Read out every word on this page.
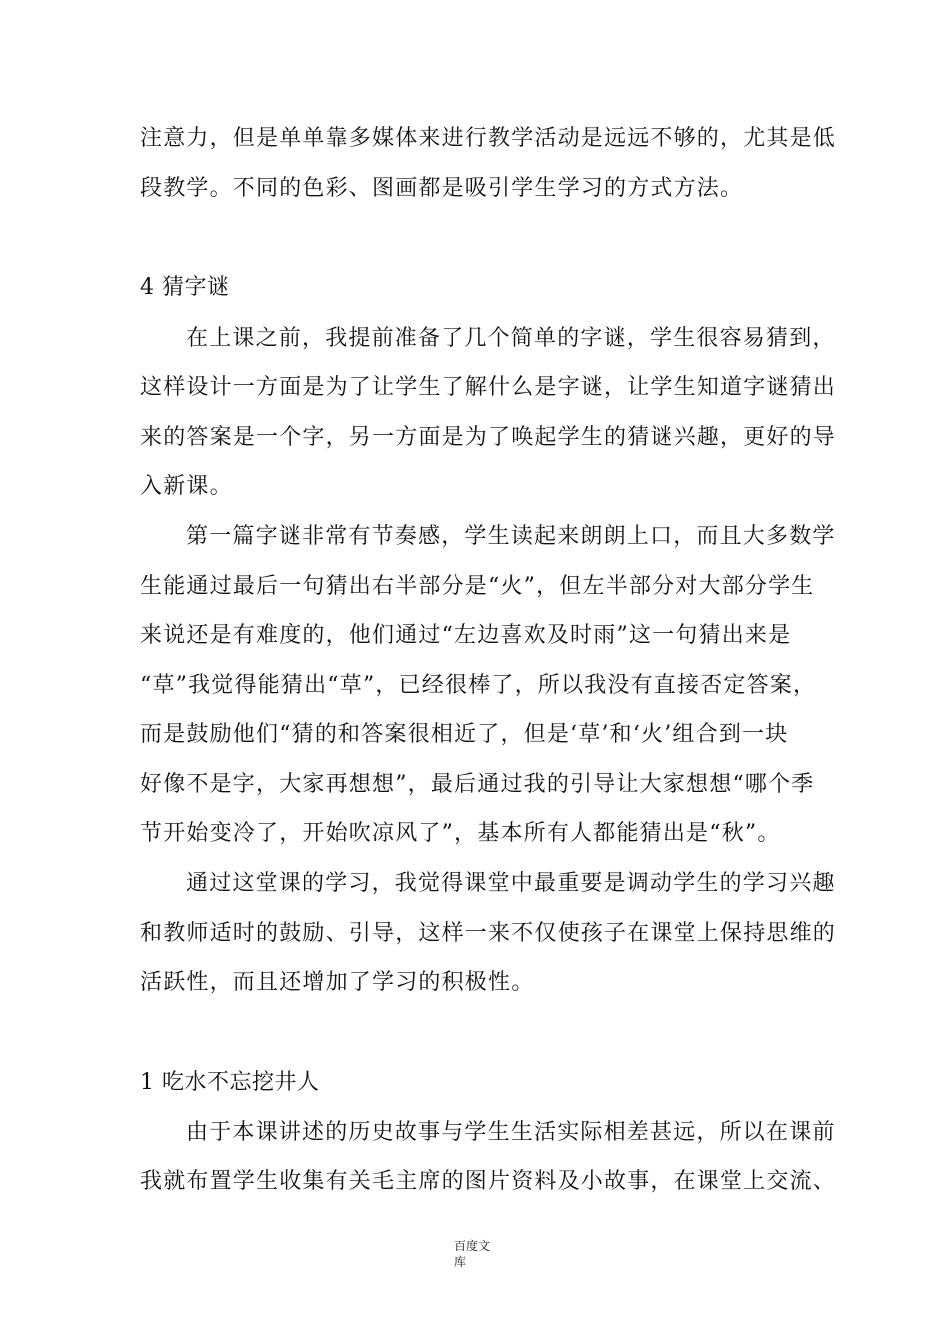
注意力，但是单单靠多媒体来进行教学活动是远远不够的，尤其是低
段教学。不同的色彩、图画都是吸引学生学习的方式方法。
4 猜字谜
在上课之前，我提前准备了几个简单的字谜，学生很容易猜到，
这样设计一方面是为了让学生了解什么是字谜，让学生知道字谜猜出
来的答案是一个字，另一方面是为了唤起学生的猜谜兴趣，更好的导
入新课。
第一篇字谜非常有节奏感，学生读起来朗朗上口，而且大多数学
生能通过最后一句猜出右半部分是“火”，但左半部分对大部分学生
来说还是有难度的，他们通过“左边喜欢及时雨”这一句猜出来是
“草”我觉得能猜出“草”，已经很棒了，所以我没有直接否定答案，
而是鼓励他们“猜的和答案很相近了，但是‘草’和‘火’组合到一块
好像不是字，大家再想想”，最后通过我的引导让大家想想“哪个季
节开始变冷了，开始吹凉风了”，基本所有人都能猜出是“秋”。
通过这堂课的学习，我觉得课堂中最重要是调动学生的学习兴趣
和教师适时的鼓励、引导，这样一来不仅使孩子在课堂上保持思维的
活跃性，而且还增加了学习的积极性。
1 吃水不忘挖井人
由于本课讲述的历史故事与学生生活实际相差甚远，所以在课前
我就布置学生收集有关毛主席的图片资料及小故事，在课堂上交流、
百度文
库
